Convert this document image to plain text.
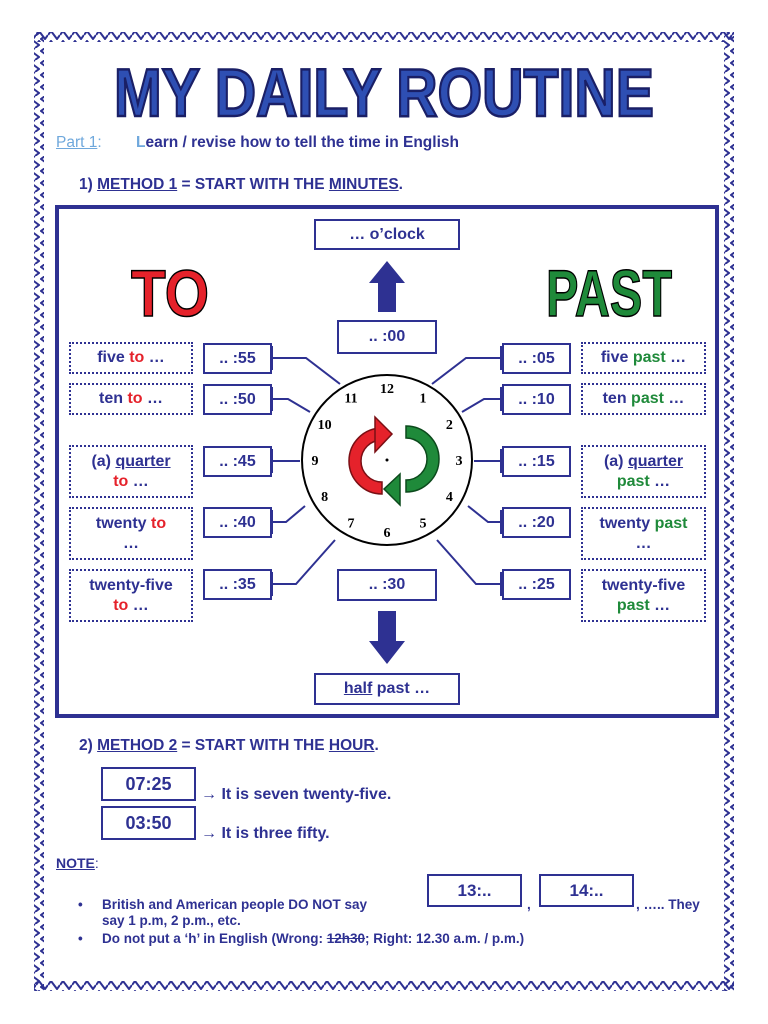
MY DAILY ROUTINE
Part 1: Learn / revise how to tell the time in English
1) METHOD 1 = START WITH THE MINUTES.
12
1
2
3
4
5
6
7
8
9
10
11
TO	PAST
… o’clock
.. :00
.. :30
half past …
.. :55
.. :50
.. :45
.. :40
.. :35
.. :05
.. :10
.. :15
.. :20
.. :25
five to …
ten to …
(a) quarter
to …
twenty to
…
twenty-five
to …
five past …
ten past …
(a) quarter
past …
twenty past
…
twenty-five
past …
2) METHOD 2 = START WITH THE HOUR.
07:25
→ It is seven twenty-five.
03:50
→ It is three fifty.
NOTE:
• British and American people DO NOT say
13:..
,
14:..
, ….. They
say 1 p.m, 2 p.m., etc.
• Do not put a ‘h’ in English (Wrong: 12h30; Right: 12.30 a.m. / p.m.)
